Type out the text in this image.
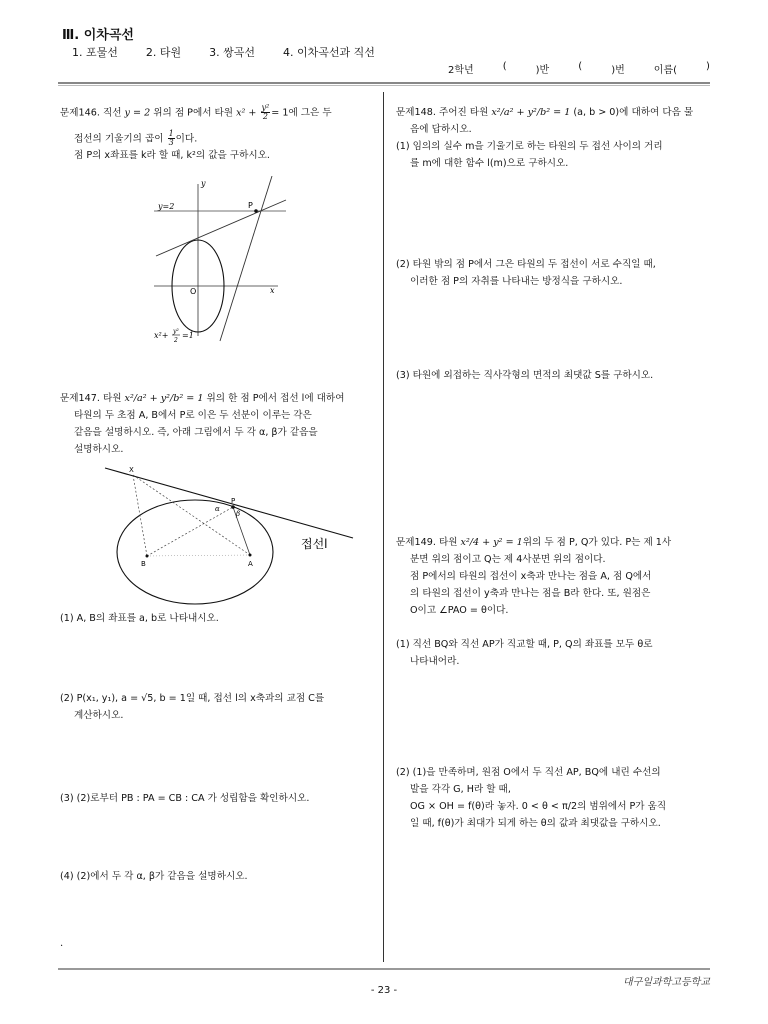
Ⅲ. 이차곡선
1. 포물선	2. 타원	3. 쌍곡선	4. 이차곡선과 직선
2학년	(	)반	(	)번	이름(	)
문제146. 직선 y = 2 위의 점 P에서 타원 $x^2 + \frac{\text{y²}}{2} = 1$에 그은 두
접선의 기울기의 곱이 $\frac{1}{3}$ 이다.
점 P의 x좌표를 k라 할 때, k²의 값을 구하시오.
y
x
y=2	P
O
x²+ y²
2
=1
문제147. 타원 x²/a² + y²/b² = 1 위의 한 점 P에서 접선 l에 대하여
타원의 두 초점 A, B에서 P로 이은 두 선분이 이루는 각은
같음을 설명하시오. 즉, 아래 그림에서 두 각 α, β가 같음을
설명하시오.
X
P
A
B
α
β
접선l
(1) A, B의 좌표를 a, b로 나타내시오.
(2) P(x₁, y₁), a = √5, b = 1일 때, 접선 l의 x축과의 교점 C를
계산하시오.
(3) (2)로부터 PB : PA = CB : CA 가 성립함을 확인하시오.
(4) (2)에서 두 각 α, β가 같음을 설명하시오.
.
문제148. 주어진 타원 x²/a² + y²/b² = 1 (a, b > 0)에 대하여 다음 물
음에 답하시오.
(1) 임의의 실수 m을 기울기로 하는 타원의 두 접선 사이의 거리
를 m에 대한 함수 l(m)으로 구하시오.
(2) 타원 밖의 점 P에서 그은 타원의 두 접선이 서로 수직일 때,
이러한 점 P의 자취를 나타내는 방정식을 구하시오.
(3) 타원에 외접하는 직사각형의 면적의 최댓값 S를 구하시오.
문제149. 타원 x²/4 + y² = 1위의 두 점 P, Q가 있다. P는 제 1사
분면 위의 점이고 Q는 제 4사분면 위의 점이다.
점 P에서의 타원의 접선이 x축과 만나는 점을 A, 점 Q에서
의 타원의 접선이 y축과 만나는 점을 B라 한다. 또, 원점은
O이고 ∠PAO = θ이다.
(1) 직선 BQ와 직선 AP가 직교할 때, P, Q의 좌표를 모두 θ로
나타내어라.
(2) (1)을 만족하며, 원점 O에서 두 직선 AP, BQ에 내린 수선의
발을 각각 G, H라 할 때,
OG × OH = f(θ)라 놓자. 0 < θ < π/2의 범위에서 P가 움직
일 때, f(θ)가 최대가 되게 하는 θ의 값과 최댓값을 구하시오.
대구일과학고등학교
- 23 -
